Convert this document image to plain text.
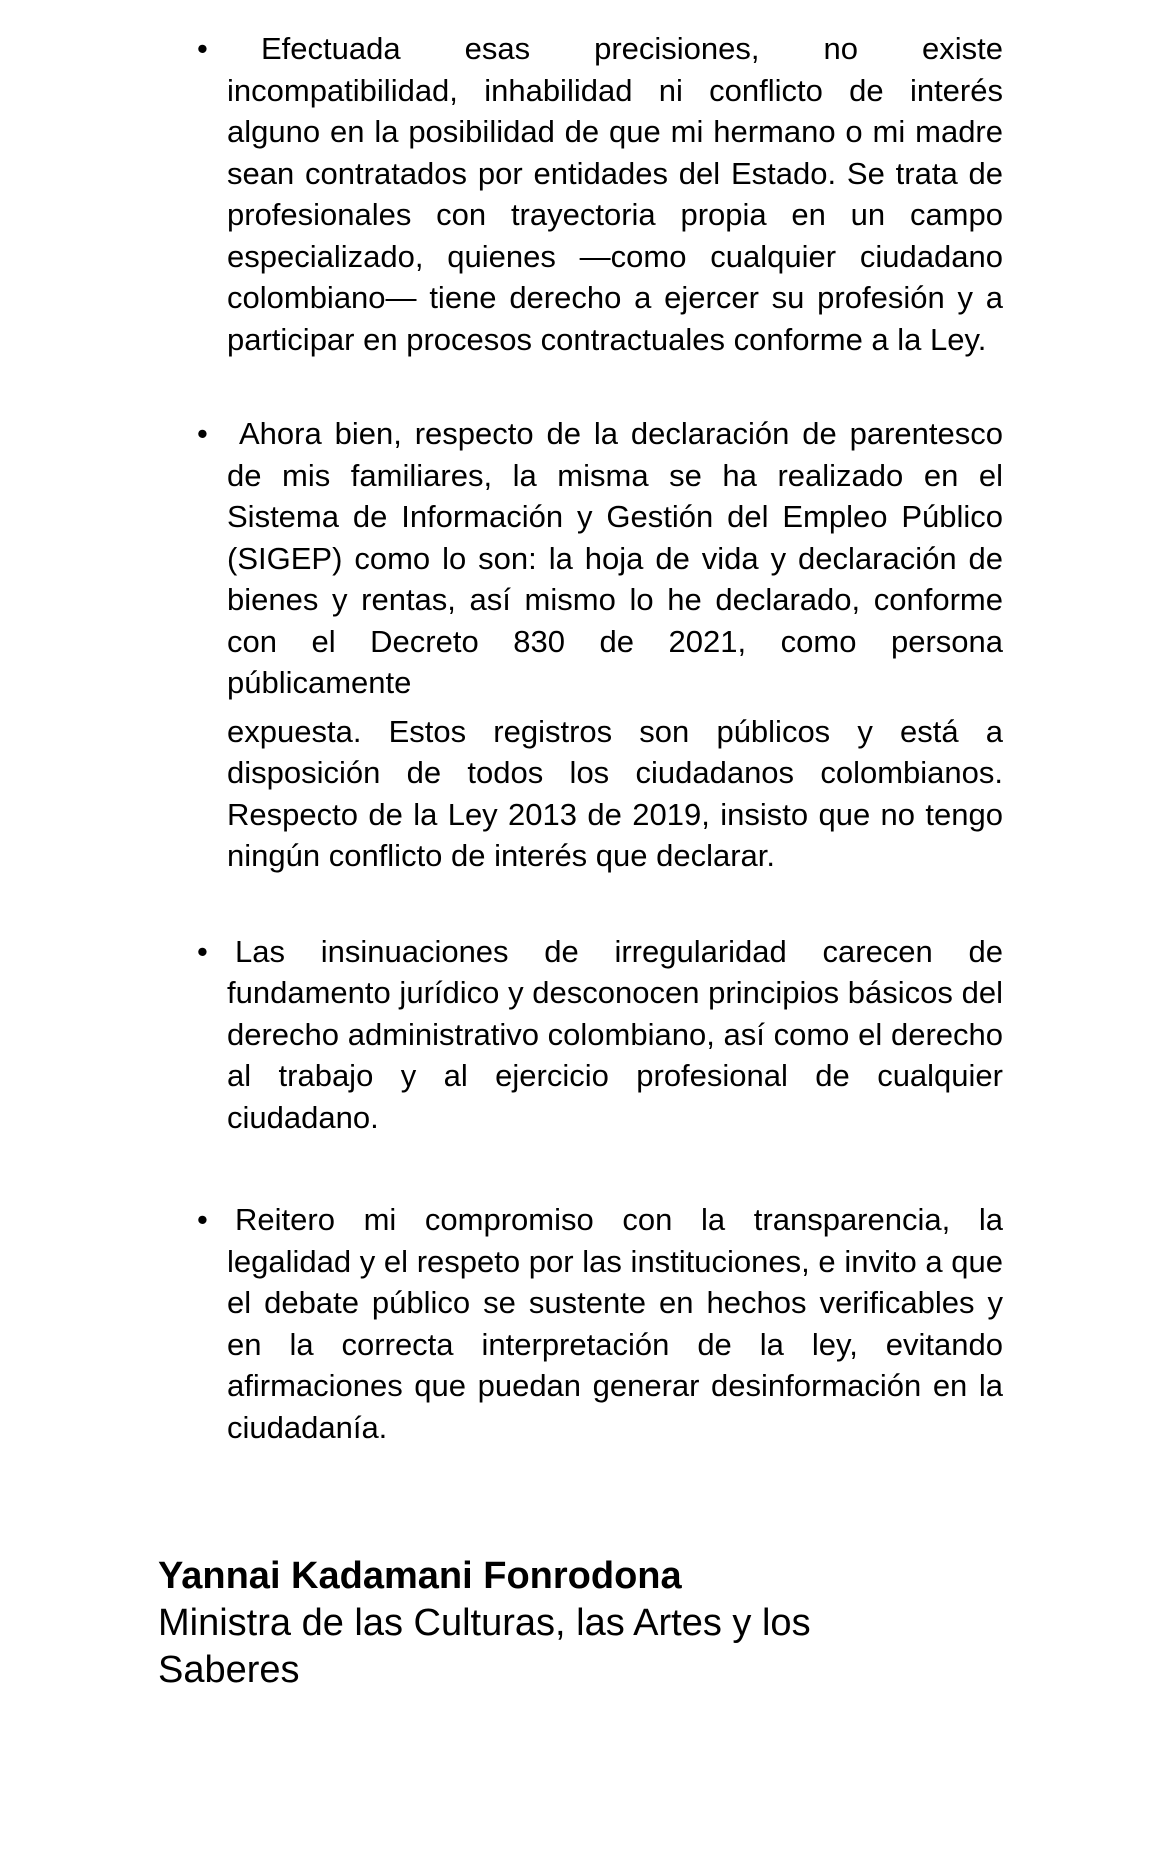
•	Efectuada esas precisiones, no existe incompatibilidad, inhabilidad ni conflicto de interés alguno en la posibilidad de que mi hermano o mi madre sean contratados por entidades del Estado. Se trata de profesionales con trayectoria propia en un campo especializado, quienes —como cualquier ciudadano colombiano— tiene derecho a ejercer su profesión y a participar en procesos contractuales conforme a la Ley.

•	Ahora bien, respecto de la declaración de parentesco de mis familiares, la misma se ha realizado en el Sistema de Información y Gestión del Empleo Público (SIGEP) como lo son: la hoja de vida y declaración de bienes y rentas, así mismo lo he declarado, conforme con el Decreto 830 de 2021, como persona públicamente

expuesta. Estos registros son públicos y está a disposición de todos los ciudadanos colombianos. Respecto de la Ley 2013 de 2019, insisto que no tengo ningún conflicto de interés que declarar.

• Las insinuaciones de irregularidad carecen de fundamento jurídico y desconocen principios básicos del derecho administrativo colombiano, así como el derecho al trabajo y al ejercicio profesional de cualquier ciudadano.

• Reitero mi compromiso con la transparencia, la legalidad y el respeto por las instituciones, e invito a que el debate público se sustente en hechos verificables y en la correcta interpretación de la ley, evitando afirmaciones que puedan generar desinformación en la ciudadanía.

Yannai Kadamani Fonrodona
Ministra de las Culturas, las Artes y los Saberes
